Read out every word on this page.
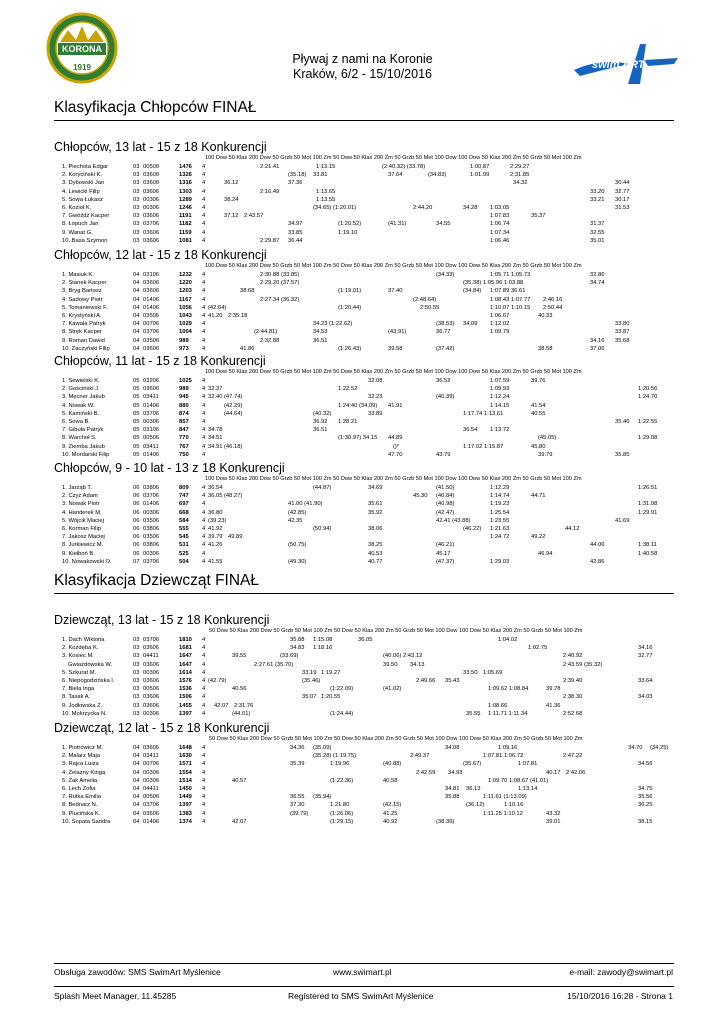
KORONA
1919	swim ART
Pływaj z nami na Koronie
Kraków, 6/2 - 15/10/2016
Klasyfikacja Chłopców FINAŁ
Klasyfikacja Dziewcząt FINAŁ
Chłopców, 13 lat - 15 z 18 Konkurencji
100 Dow 50 Klas 200 Dow 50 Grzb 50 Mot 100 Zm 50 Dow 50 Klas 200 Zm 50 Grzb 50 Mot 100 Dow 100 Dow 50 Klas 200 Zm 50 Grzb 50 Mot 100 Zm
1. Piechota Edgar	03 00506	1476 4	2:21.41	1:13.15	(2:40.32) (33.78)	1:00.87	2:29.27
2. Koryciński K.	03 03606	1326 4	(35.18) 33.81	37.64	(34.83)	1:01.99	2:31.85
3. Dybowski Jan	03 03606	1316 4	36.12	37.36	34.32	30.44
4. Lewicki Filip	03 03606	1303 4	2:16.49	1:13.65	33.20 32.77
5. Sowa Łukasz	03 00306	1289 4	38.24	1:13.55	33.21 30.17
6. Kozioł K.	03 00306	1246 4	(34.65) (1:20.01)	2:44.20	34.28 1:03.05	31.53
7. Gwóźdź Kacper	03 03606	1191 4	37.12 2:43.57	1:07.83	35.37
8. Łopuch Jan	03 03706	1182 4	34.97	(1:20.52)	(41.31)	34.55	1:06.74	31.37
9. Wanat G.	03 03606	1159 4	33.85	1:19.10	1:07.34	32.55
10. Basa Szymon	03 03606	1081 4	2:29.87 36.44	1:06.46	35.01
Chłopców, 12 lat - 15 z 18 Konkurencji
100 Dow 50 Klas 200 Dow 50 Grzb 50 Mot 100 Zm 50 Dow 50 Klas 200 Zm 50 Grzb 50 Mot 100 Dow 100 Dow 50 Klas 200 Zm 50 Grzb 50 Mot 100 Zm
1. Masiuk K.	04 03106	1232 4	2:30.88 (33.85)	(34.33)	1:05.71 1:05.73	32.86
2. Stanek Kacper	04 03606	1220 4	2:29.20 (37.57)	(35.38) 1:05.96 1:03.88	34.74
3. Bryg Bartosz	04 03606	1203 4	38.68	(1:19.01)	37.40	(34.84) 1:07.89 36.61
4. Sadowy Piotr	04 01406	1167 4	2:27.34 (36.32)	(2:48.64)	1:08.43 1:07.77 2:46.16
5. Tomaniewski F.	04 01406	1056 4 (42.64)	(1:20.44)	2:50.55	1:10.07 1:10.15 2:50.44
6. Krystyński A.	04 03506	1043 4 41.20 2:35.18	1:06.67	40.33
7. Kawala Patryk	04 00706	1029 4	34.23 (1:22.62)	(38.53) 34.09 1:12.02	33.80
8. Stręk Kacper	04 03706	1004 4	(2:44.81)	34.53	(43.91)	36.77	1:09.79	33.87
9. Roman Dawid	04 03506	989 4	2:32.88	36.51	34.16 35.68
10. Zaczyński Filip	04 03606	973 4	41.86	(1:26.43)	39.58	(37.42)	38.58	37.06
Chłopców, 11 lat - 15 z 18 Konkurencji
100 Dow 50 Klas 200 Dow 50 Grzb 50 Mot 100 Zm 50 Dow 50 Klas 200 Zm 50 Grzb 50 Mot 100 Dow 100 Dow 50 Klas 200 Zm 50 Grzb 50 Mot 100 Zm
1. Sewielski K.	05 03206	1025 4	32.08	36.52	1:07.59	39.76
2. Gościński J.	05 03606	989 4 32.37	1:22.52	1:09.93	1:20.56
3. Męcner Jakub	05 03411	945 4 32.40 (47.74)	32.23	(40.39)	1:12.24	1:24.70
4. Nowak W.	05 01406	880 4	(42.29)	1:24.40 (34.09) 41.91	1:14.15	41.54
5. Kamiński B.	05 03706	874 4	(44.64)	(40.32)	33.89	1:17.74 1:13.61	40.55
6. Sowa B.	05 00306	857 4	36.92 1:28.21	35.46 1:22.55
7. Gibuła Patryk	05 03106	847 4 34.78	36.51	36.54 1:13.72
8. Warchoł S.	05 00506	770 4 34.51	(1:30.97) 34.15 44.89	(45.05)	1:29.08
9. Ziemba Jakub	05 03411	767 4 34.91 (46.18)	()*	1:17.02 1:15.87	45.80
10. Mordarski Filip	05 01406	750 4	47.70	43.79	39.79	35.85
Chłopców, 9 - 10 lat - 13 z 18 Konkurencji
100 Dow 50 Klas 200 Dow 50 Grzb 50 Mot 100 Zm 50 Dow 50 Klas 200 Zm 50 Grzb 50 Mot 100 Dow 100 Dow 50 Klas 200 Zm 50 Grzb 50 Mot 100 Zm
1. Jarząb T.	06 03806	809 4 36.54	(44.87)	34.69	(41.50)	1:12.29	1:26.51
2. Czyż Adam	06 03706	747 4 36.05 (48.27)	45.30 (40.84)	1:14.74	44.71
3. Nowak Piotr	06 01406	697 4	41.00 (41.90)	35.61	(40.98)	1:19.23	1:31.08
4. Handerek M.	06 00306	668 4 36.80	(42.85)	35.92	(42.47)	1:25.54	1:29.91
5. Wójcik Maciej	06 03506	584 4 (39.23)	42.35	42.41 (43.88)	1:23.55	41.69
6. Korman Filip	06 03806	555 4 41.92	(50.94)	38.06	(46.22) 1:21.63	44.12
7. Jakosz Maciej	06 03506	545 4 39.79 49.89	1:24.72	49.22
8. Jurkiewicz M.	06 03806	531 4 41.26	(50.75)	38.25	(46.21)	44.00	1:38.11
9. Kiełboń B.	06 00306	525 4	40.53	45.17	46.94	1:40.58
10. Nowakowski O.	07 03706	504 4 41.55	(49.30)	40.77	(47.37)	1:29.03	42.86
Dziewcząt, 13 lat - 15 z 18 Konkurencji
50 Dow 50 Klas 200 Dow 50 Grzb 50 Mot 100 Zm 50 Dow 50 Klas 200 Zm 50 Grzb 50 Mot 100 Dow 100 Dow 50 Klas 200 Zm 50 Grzb 50 Mot 100 Zm
1. Dach Wiktoria	03 03706	1810 4	35.88 1:15.08	36.05	1:04.02
2. Kozdęba K.	03 03606	1681 4	34.83 1:18.16	1:02.75	34.16
3. Kosiec M.	03 04411	1647 4	39.55	(33.69)	(40.06) 2:43.12	2:40.92	32.77
Gwiazdowska W.	03 03606	1647 4	2:27.61 (35.70)	39.50 34.13	2:43.59 (35.32)
5. Szkurat M.	03 00306	1614 4	33.19 1:19.27	33.50 1:05.69
6. Niepogodzińska I.	03 03606	1576 4 (42.79)	(35.46)	2:49.66 35.43	2:39.40	33.64
7. Biela Inga	03 00506	1536 4	40.56	(1:22.09)	(41.02)	1:09.62 1:08.84	39.78
8. Tasak A.	03 03606	1506 4	35.07 1:20.55	2:38.30	34.03
9. Jodłowska Z.	03 03606	1455 4 42.07 2:31.76	1:08.66	41.36
10. Mokrzycka N.	03 00306	1397 4	(44.01)	(1:24.44)	35.55 1:11.71 1:11.34	2:52.68
Dziewcząt, 12 lat - 15 z 18 Konkurencji
50 Dow 50 Klas 200 Dow 50 Grzb 50 Mot 100 Zm 50 Dow 50 Klas 200 Zm 50 Grzb 50 Mot 100 Dow 100 Dow 50 Klas 200 Zm 50 Grzb 50 Mot 100 Zm
1. Piotrowicz M.	04 03606	1648 4	34.36 (35.09)	34.08	1:09.16	34.70 (34.25)
2. Malarz Maja	04 03411	1630 4	(35.28) (1:19.75)	2:49.37	1:07.81 1:06.72	2:47.22
3. Rajca Luiza	04 00706	1571 4	35.39	1:19.96	(40.88)	(35.67)	1:07.81	34.56
4. Żelazny Kinga	04 00306	1554 4	2:42.59 34.93	40.17 2:42.06
5. Żak Amelia	04 00306	1514 4	40.57	(1:22.36)	40.58	1:09.70 1:08.67 (41.01)
6. Lech Zofia	04 04411	1450 4	34.81 36.13	1:13.14	34.75
7. Rutka Emilia	04 00506	1449 4	36.55 (35.94)	35.88	1:11.61 (1:13.09)	35.56
8. Bednarz N.	04 03706	1397 4	37.30	1:21.80	(42.15)	(36.12)	1:10.16	36.25
9. Pluciňska K.	04 03606	1383 4	(39.79)	(1:26.06)	41.25	1:11.25 1:10.12	43.32
10. Sopata Sandra	04 01406	1374 4	42.07	(1:29.15)	40.92	(38.39)	39.01	38.15
Obsługa zawodów: SMS SwimArt Myślenice	www.swimart.pl	e-mail: zawody@swimart.pl
Splash Meet Manager, 11.45285	Registered to SMS SwimArt Myślenice	15/10/2016 16:28 - Strona 1
